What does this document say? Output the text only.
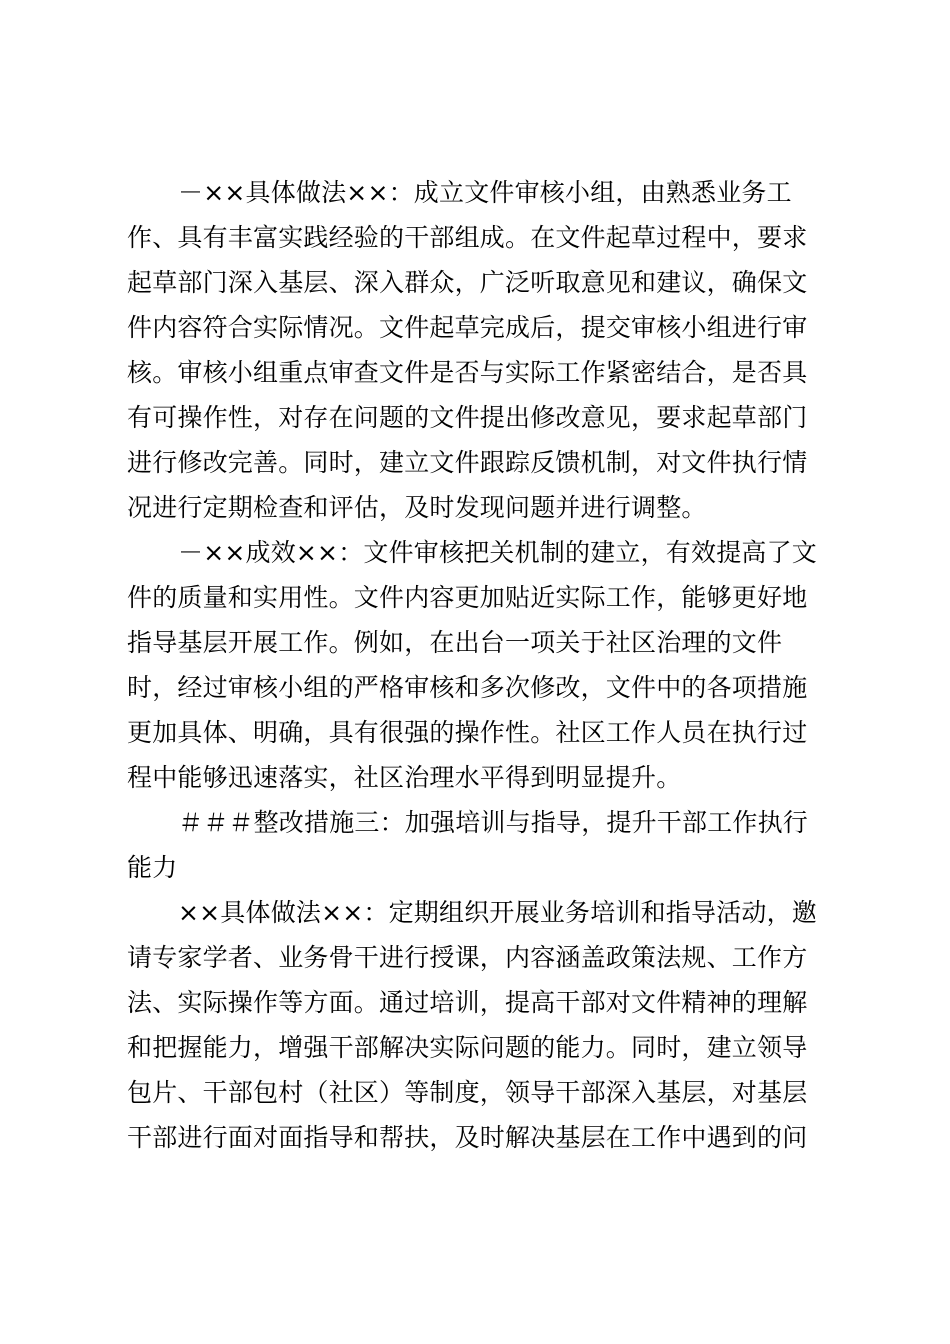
－××具体做法××：成立文件审核小组，由熟悉业务工
作、具有丰富实践经验的干部组成。在文件起草过程中，要求
起草部门深入基层、深入群众，广泛听取意见和建议，确保文
件内容符合实际情况。文件起草完成后，提交审核小组进行审
核。审核小组重点审查文件是否与实际工作紧密结合，是否具
有可操作性，对存在问题的文件提出修改意见，要求起草部门
进行修改完善。同时，建立文件跟踪反馈机制，对文件执行情
况进行定期检查和评估，及时发现问题并进行调整。
－××成效××：文件审核把关机制的建立，有效提高了文
件的质量和实用性。文件内容更加贴近实际工作，能够更好地
指导基层开展工作。例如，在出台一项关于社区治理的文件
时，经过审核小组的严格审核和多次修改，文件中的各项措施
更加具体、明确，具有很强的操作性。社区工作人员在执行过
程中能够迅速落实，社区治理水平得到明显提升。
＃＃＃整改措施三：加强培训与指导，提升干部工作执行
能力
××具体做法××：定期组织开展业务培训和指导活动，邀
请专家学者、业务骨干进行授课，内容涵盖政策法规、工作方
法、实际操作等方面。通过培训，提高干部对文件精神的理解
和把握能力，增强干部解决实际问题的能力。同时，建立领导
包片、干部包村（社区）等制度，领导干部深入基层，对基层
干部进行面对面指导和帮扶，及时解决基层在工作中遇到的问
